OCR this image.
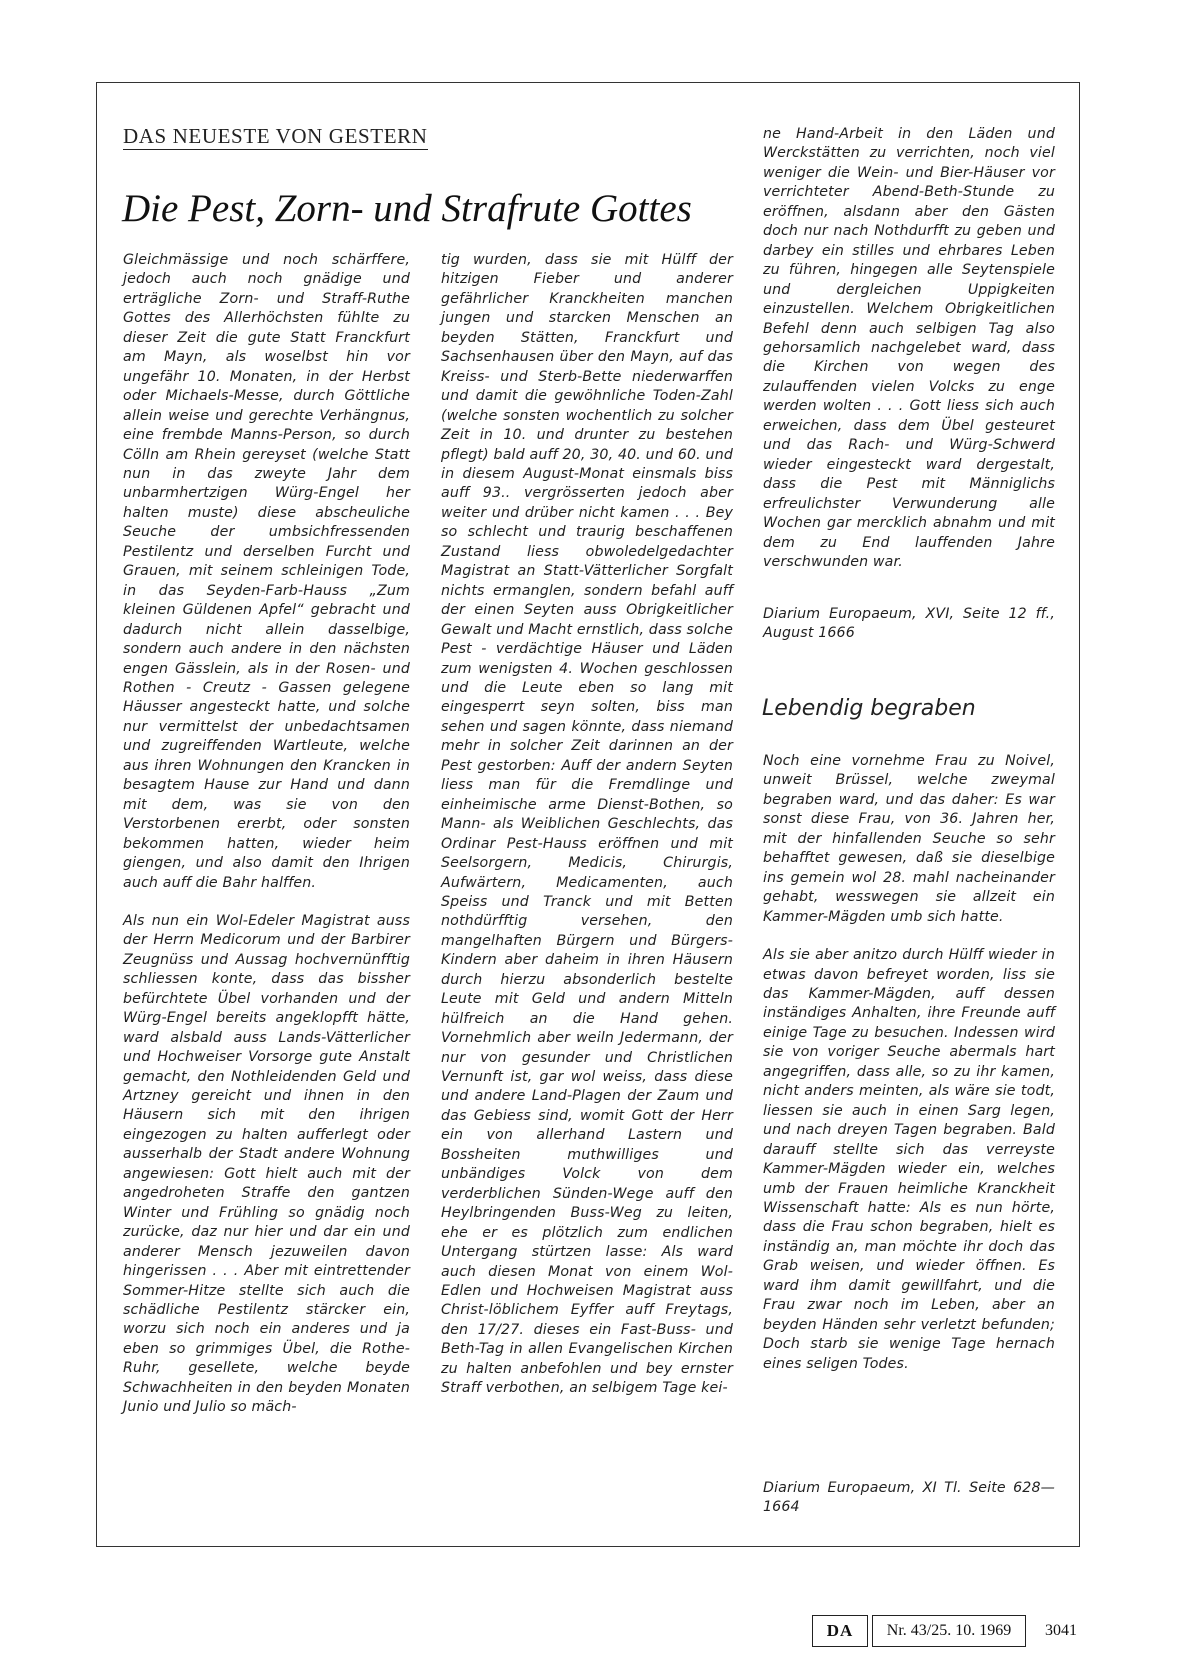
DAS NEUESTE VON GESTERN
Die Pest, Zorn- und Strafrute Gottes

Gleichmässige und noch schärffere, jedoch auch noch gnädige und erträgliche Zorn- und Straff-Ruthe Gottes des Allerhöchsten fühlte zu dieser Zeit die gute Statt Franckfurt am Mayn, als woselbst hin vor ungefähr 10. Monaten, in der Herbst oder Michaels-Messe, durch Göttliche allein weise und gerechte Verhängnus, eine frembde Manns-Person, so durch Cölln am Rhein gereyset (welche Statt nun in das zweyte Jahr dem unbarmhertzigen Würg-Engel her halten muste) diese abscheuliche Seuche der umbsichfressenden Pestilentz und derselben Furcht und Grauen, mit seinem schleinigen Tode, in das Seyden-Farb-Hauss „Zum kleinen Güldenen Apfel“ gebracht und dadurch nicht allein dasselbige, sondern auch andere in den nächsten engen Gässlein, als in der Rosen- und Rothen - Creutz - Gassen gelegene Häusser angesteckt hatte, und solche nur vermittelst der unbedachtsamen und zugreiffenden Wartleute, welche aus ihren Wohnungen den Krancken in besagtem Hause zur Hand und dann mit dem, was sie von den Verstorbenen ererbt, oder sonsten bekommen hatten, wieder heim giengen, und also damit den Ihrigen auch auff die Bahr halffen.

Als nun ein Wol-Edeler Magistrat auss der Herrn Medicorum und der Barbirer Zeugnüss und Aussag hochvernünfftig schliessen konte, dass das bissher befürchtete Übel vorhanden und der Würg-Engel bereits angeklopfft hätte, ward alsbald auss Lands-Vätterlicher und Hochweiser Vorsorge gute Anstalt gemacht, den Nothleidenden Geld und Artzney gereicht und ihnen in den Häusern sich mit den ihrigen eingezogen zu halten aufferlegt oder ausserhalb der Stadt andere Wohnung angewiesen: Gott hielt auch mit der angedroheten Straffe den gantzen Winter und Frühling so gnädig noch zurücke, daz nur hier und dar ein und anderer Mensch jezuweilen davon hingerissen . . . Aber mit eintrettender Sommer-Hitze stellte sich auch die schädliche Pestilentz stärcker ein, worzu sich noch ein anderes und ja eben so grimmiges Übel, die Rothe-Ruhr, gesellete, welche beyde Schwachheiten in den beyden Monaten Junio und Julio so mäch-

tig wurden, dass sie mit Hülff der hitzigen Fieber und anderer gefährlicher Kranckheiten manchen jungen und starcken Menschen an beyden Stätten, Franckfurt und Sachsenhausen über den Mayn, auf das Kreiss- und Sterb-Bette niederwarffen und damit die gewöhnliche Toden-Zahl (welche sonsten wochentlich zu solcher Zeit in 10. und drunter zu bestehen pflegt) bald auff 20, 30, 40. und 60. und in diesem August-Monat einsmals biss auff 93.. vergrösserten jedoch aber weiter und drüber nicht kamen . . . Bey so schlecht und traurig beschaffenen Zustand liess obwoledelgedachter Magistrat an Statt-Vätterlicher Sorgfalt nichts ermanglen, sondern befahl auff der einen Seyten auss Obrigkeitlicher Gewalt und Macht ernstlich, dass solche Pest - verdächtige Häuser und Läden zum wenigsten 4. Wochen geschlossen und die Leute eben so lang mit eingesperrt seyn solten, biss man sehen und sagen könnte, dass niemand mehr in solcher Zeit darinnen an der Pest gestorben: Auff der andern Seyten liess man für die Fremdlinge und einheimische arme Dienst-Bothen, so Mann- als Weiblichen Geschlechts, das Ordinar Pest-Hauss eröffnen und mit Seelsorgern, Medicis, Chirurgis, Aufwärtern, Medicamenten, auch Speiss und Tranck und mit Betten nothdürfftig versehen, den mangelhaften Bürgern und Bürgers-Kindern aber daheim in ihren Häusern durch hierzu absonderlich bestelte Leute mit Geld und andern Mitteln hülfreich an die Hand gehen. Vornehmlich aber weiln Jedermann, der nur von gesunder und Christlichen Vernunft ist, gar wol weiss, dass diese und andere Land-Plagen der Zaum und das Gebiess sind, womit Gott der Herr ein von allerhand Lastern und Bossheiten muthwilliges und unbändiges Volck von dem verderblichen Sünden-Wege auff den Heylbringenden Buss-Weg zu leiten, ehe er es plötzlich zum endlichen Untergang stürtzen lasse: Als ward auch diesen Monat von einem Wol-Edlen und Hochweisen Magistrat auss Christ-löblichem Eyffer auff Freytags, den 17/27. dieses ein Fast-Buss- und Beth-Tag in allen Evangelischen Kirchen zu halten anbefohlen und bey ernster Straff verbothen, an selbigem Tage kei-

ne Hand-Arbeit in den Läden und Werckstätten zu verrichten, noch viel weniger die Wein- und Bier-Häuser vor verrichteter Abend-Beth-Stunde zu eröffnen, alsdann aber den Gästen doch nur nach Nothdurfft zu geben und darbey ein stilles und ehrbares Leben zu führen, hingegen alle Seytenspiele und dergleichen Uppigkeiten einzustellen. Welchem Obrigkeitlichen Befehl denn auch selbigen Tag also gehorsamlich nachgelebet ward, dass die Kirchen von wegen des zulauffenden vielen Volcks zu enge werden wolten . . . Gott liess sich auch erweichen, dass dem Übel gesteuret und das Rach- und Würg-Schwerd wieder eingesteckt ward dergestalt, dass die Pest mit Männiglichs erfreulichster Verwunderung alle Wochen gar mercklich abnahm und mit dem zu End lauffenden Jahre verschwunden war.

Diarium Europaeum, XVI, Seite 12 ff., August 1666
Lebendig begraben

Noch eine vornehme Frau zu Noivel, unweit Brüssel, welche zweymal begraben ward, und das daher: Es war sonst diese Frau, von 36. Jahren her, mit der hinfallenden Seuche so sehr behafftet gewesen, daß sie dieselbige ins gemein wol 28. mahl nacheinander gehabt, wesswegen sie allzeit ein Kammer-Mägden umb sich hatte.

Als sie aber anitzo durch Hülff wieder in etwas davon befreyet worden, liss sie das Kammer-Mägden, auff dessen inständiges Anhalten, ihre Freunde auff einige Tage zu besuchen. Indessen wird sie von voriger Seuche abermals hart angegriffen, dass alle, so zu ihr kamen, nicht anders meinten, als wäre sie todt, liessen sie auch in einen Sarg legen, und nach dreyen Tagen begraben. Bald darauff stellte sich das verreyste Kammer-Mägden wieder ein, welches umb der Frauen heimliche Kranckheit Wissenschaft hatte: Als es nun hörte, dass die Frau schon begraben, hielt es inständig an, man möchte ihr doch das Grab weisen, und wieder öffnen. Es ward ihm damit gewillfahrt, und die Frau zwar noch im Leben, aber an beyden Händen sehr verletzt befunden; Doch starb sie wenige Tage hernach eines seligen Todes.

Diarium Europaeum, XI Tl. Seite 628—1664
DA	Nr. 43/25. 10. 1969	3041
